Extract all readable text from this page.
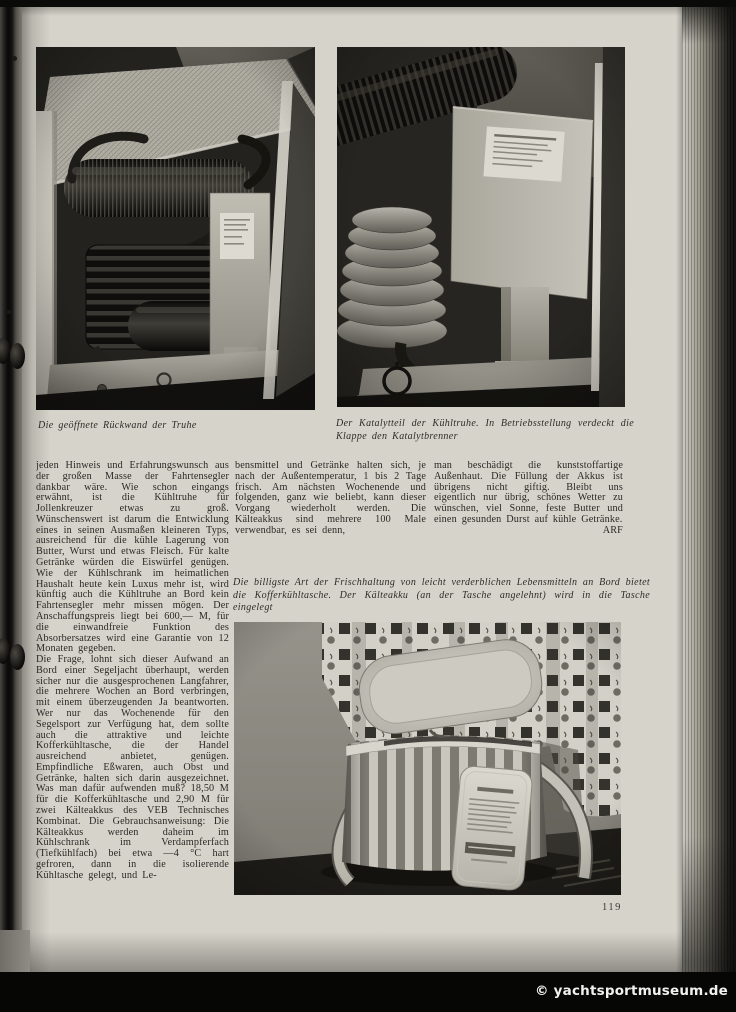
Die geöffnete Rückwand der Truhe	Der Katalytteil der Kühltruhe. In Betriebsstellung verdeckt die Klappe den Katalytbrenner

jeden Hinweis und Erfahrungswunsch aus der großen Masse der Fahrtensegler dankbar wäre. Wie schon eingangs erwähnt, ist die Kühltruhe für Jollenkreuzer etwas zu groß. Wünschenswert ist darum die Entwicklung eines in seinen Ausmaßen kleineren Typs, ausreichend für die kühle Lagerung von Butter, Wurst und etwas Fleisch. Für kalte Getränke würden die Eiswürfel genügen. Wie der Kühlschrank im heimatlichen Haushalt heute kein Luxus mehr ist, wird künftig auch die Kühltruhe an Bord kein Fahrtensegler mehr missen mögen. Der Anschaffungspreis liegt bei 600,— M, für die einwandfreie Funktion des Absorbersatzes wird eine Garantie von 12 Monaten gegeben.

Die Frage, lohnt sich dieser Aufwand an Bord einer Segeljacht überhaupt, werden sicher nur die ausgesprochenen Langfahrer, die mehrere Wochen an Bord verbringen, mit einem überzeugenden Ja beantworten. Wer nur das Wochenende für den Segelsport zur Verfügung hat, dem sollte auch die attraktive und leichte Kofferkühltasche, die der Handel ausreichend anbietet, genügen. Empfindliche Eßwaren, auch Obst und Getränke, halten sich darin ausgezeichnet. Was man dafür aufwenden muß? 18,50 M für die Kofferkühltasche und 2,90 M für zwei Kälteakkus des VEB Technisches Kombinat. Die Gebrauchsanweisung: Die Kälteakkus werden daheim im Kühlschrank im Verdampferfach (Tiefkühlfach) bei etwa —4 °C hart gefroren, dann in die isolierende Kühltasche gelegt, und Le-

bensmittel und Getränke halten sich, je nach der Außentemperatur, 1 bis 2 Tage frisch. Am nächsten Wochenende und folgenden, ganz wie beliebt, kann dieser Vorgang wiederholt werden. Die Kälteakkus sind mehrere 100 Male verwendbar, es sei denn,

man beschädigt die kunststoffartige Außenhaut. Die Füllung der Akkus ist übrigens nicht giftig. Bleibt uns eigentlich nur übrig, schönes Wetter zu wünschen, viel Sonne, feste Butter und einen gesunden Durst auf kühle Getränke.
ARF

Die billigste Art der Frischhaltung von leicht verderblichen Lebensmitteln an Bord bietet die Kofferkühltasche. Der Kälteakku (an der Tasche angelehnt) wird in die Tasche eingelegt
119
© yachtsportmuseum.de
